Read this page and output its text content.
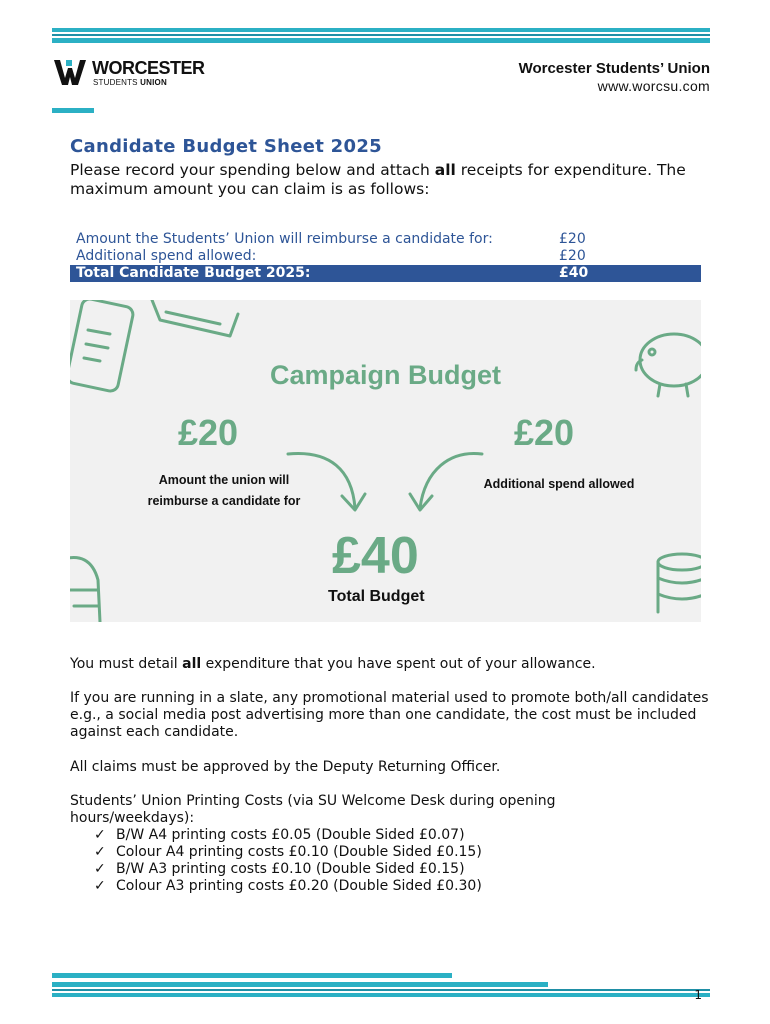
WORCESTER
STUDENTS UNION
Worcester Students’ Union
www.worcsu.com
Candidate Budget Sheet 2025
Please record your spending below and attach all receipts for expenditure. The maximum amount you can claim is as follows:
Amount the Students’ Union will reimburse a candidate for:	£20
Additional spend allowed:	£20
Total Candidate Budget 2025:	£40
Campaign Budget
£20
Amount the union will
reimburse a candidate for
£20
Additional spend allowed
£40
Total Budget
You must detail all expenditure that you have spent out of your allowance.
If you are running in a slate, any promotional material used to promote both/all candidates e.g., a social media post advertising more than one candidate, the cost must be included against each candidate.
All claims must be approved by the Deputy Returning Officer.
Students’ Union Printing Costs (via SU Welcome Desk during opening hours/weekdays):
✓ B/W A4 printing costs £0.05 (Double Sided £0.07)
✓ Colour A4 printing costs £0.10 (Double Sided £0.15)
✓ B/W A3 printing costs £0.10 (Double Sided £0.15)
✓ Colour A3 printing costs £0.20 (Double Sided £0.30)
1
